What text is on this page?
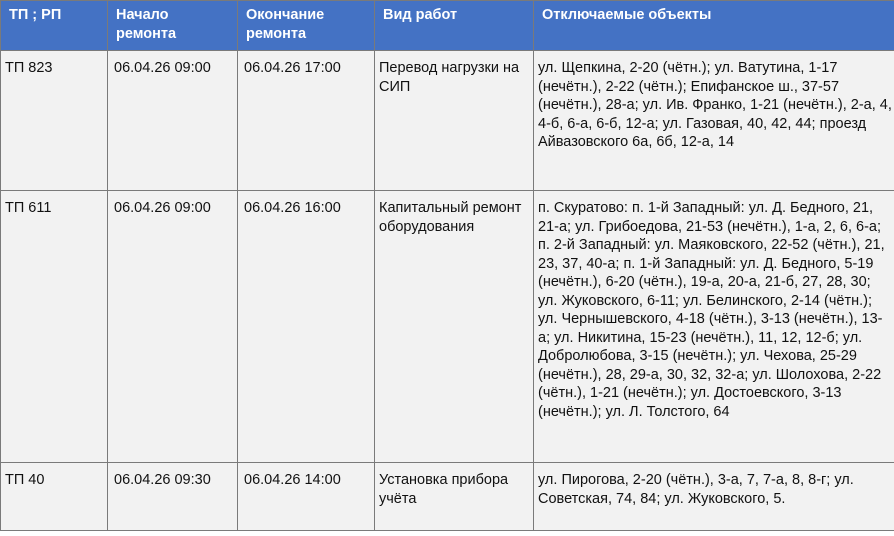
ТП ; РП	Начало ремонта	Окончание ремонта	Вид работ	Отключаемые объекты
ТП 823	06.04.26 09:00	06.04.26 17:00	Перевод нагрузки на СИП	ул. Щепкина, 2-20 (чётн.); ул. Ватутина, 1-17 (нечётн.), 2-22 (чётн.); Епифанское ш., 37-57 (нечётн.), 28-а; ул. Ив. Франко, 1-21 (нечётн.), 2-а, 4, 4-б, 6-а, 6-б, 12-а; ул. Газовая, 40, 42, 44; проезд Айвазовского 6а, 6б, 12-а, 14
ТП 611	06.04.26 09:00	06.04.26 16:00	Капитальный ремонт оборудования	п. Скуратово: п. 1-й Западный: ул. Д. Бедного, 21, 21-а; ул. Грибоедова, 21-53 (нечётн.), 1-а, 2, 6, 6-а; п. 2-й Западный: ул. Маяковского, 22-52 (чётн.), 21, 23, 37, 40-а; п. 1-й Западный: ул. Д. Бедного, 5-19 (нечётн.), 6-20 (чётн.), 19-а, 20-а, 21-б, 27, 28, 30; ул. Жуковского, 6-11; ул. Белинского, 2-14 (чётн.); ул. Чернышевского, 4-18 (чётн.), 3-13 (нечётн.), 13-а; ул. Никитина, 15-23 (нечётн.), 11, 12, 12-б; ул. Добролюбова, 3-15 (нечётн.); ул. Чехова, 25-29 (нечётн.), 28, 29-а, 30, 32, 32-а; ул. Шолохова, 2-22 (чётн.), 1-21 (нечётн.); ул. Достоевского, 3-13 (нечётн.); ул. Л. Толстого, 64
ТП 40	06.04.26 09:30	06.04.26 14:00	Установка прибора учёта	ул. Пирогова, 2-20 (чётн.), 3-а, 7, 7-а, 8, 8-г; ул. Советская, 74, 84; ул. Жуковского, 5.
